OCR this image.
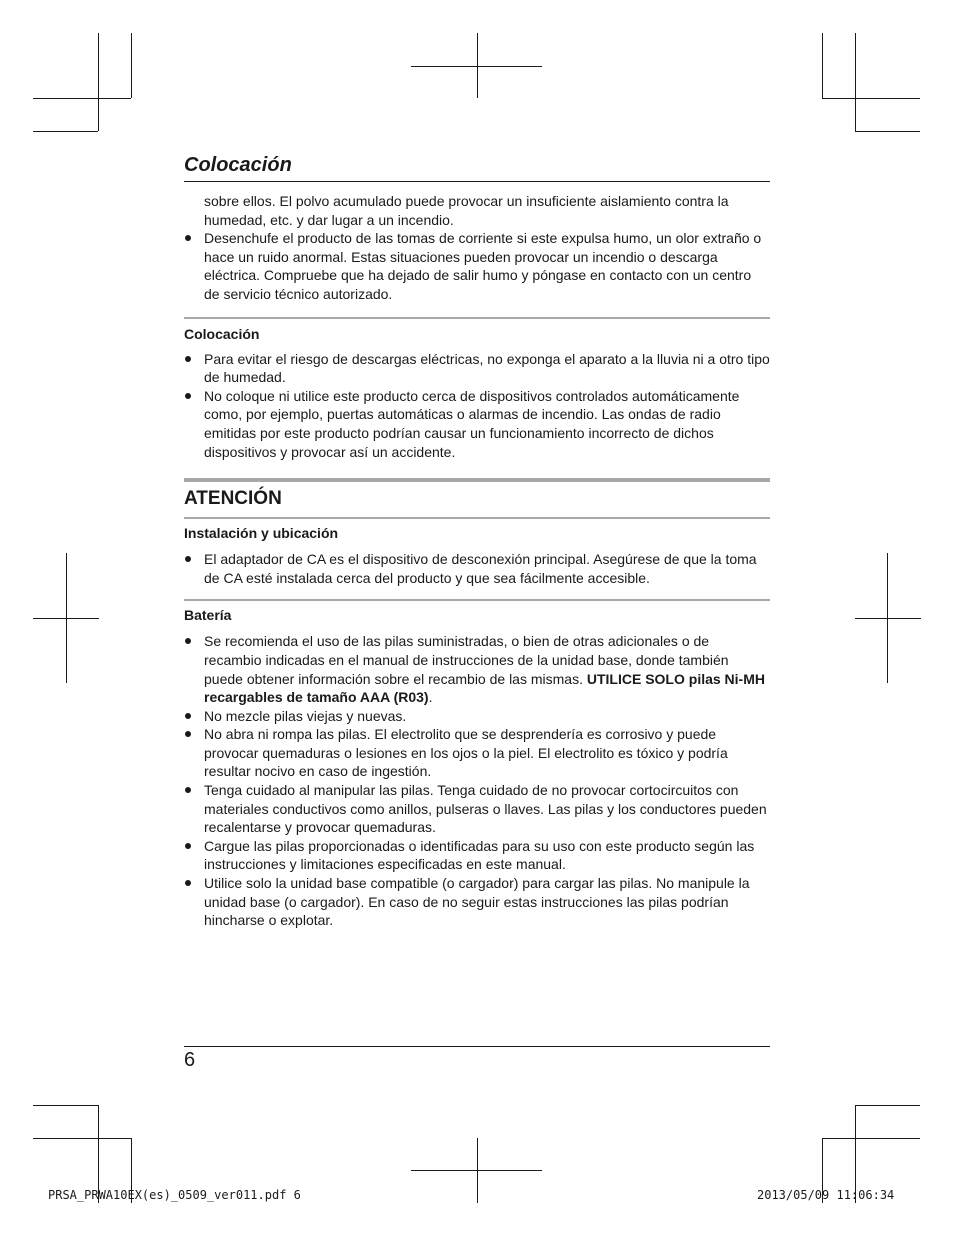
Colocación
sobre ellos. El polvo acumulado puede provocar un insuficiente aislamiento contra la humedad, etc. y dar lugar a un incendio.
Desenchufe el producto de las tomas de corriente si este expulsa humo, un olor extraño o hace un ruido anormal. Estas situaciones pueden provocar un incendio o descarga eléctrica. Compruebe que ha dejado de salir humo y póngase en contacto con un centro de servicio técnico autorizado.
Colocación
Para evitar el riesgo de descargas eléctricas, no exponga el aparato a la lluvia ni a otro tipo de humedad.
No coloque ni utilice este producto cerca de dispositivos controlados automáticamente como, por ejemplo, puertas automáticas o alarmas de incendio. Las ondas de radio emitidas por este producto podrían causar un funcionamiento incorrecto de dichos dispositivos y provocar así un accidente.
ATENCIÓN
Instalación y ubicación
El adaptador de CA es el dispositivo de desconexión principal. Asegúrese de que la toma de CA esté instalada cerca del producto y que sea fácilmente accesible.
Batería
Se recomienda el uso de las pilas suministradas, o bien de otras adicionales o de recambio indicadas en el manual de instrucciones de la unidad base, donde también puede obtener información sobre el recambio de las mismas. UTILICE SOLO pilas Ni-MH recargables de tamaño AAA (R03).
No mezcle pilas viejas y nuevas.
No abra ni rompa las pilas. El electrolito que se desprendería es corrosivo y puede provocar quemaduras o lesiones en los ojos o la piel. El electrolito es tóxico y podría resultar nocivo en caso de ingestión.
Tenga cuidado al manipular las pilas. Tenga cuidado de no provocar cortocircuitos con materiales conductivos como anillos, pulseras o llaves. Las pilas y los conductores pueden recalentarse y provocar quemaduras.
Cargue las pilas proporcionadas o identificadas para su uso con este producto según las instrucciones y limitaciones especificadas en este manual.
Utilice solo la unidad base compatible (o cargador) para cargar las pilas. No manipule la unidad base (o cargador). En caso de no seguir estas instrucciones las pilas podrían hincharse o explotar.
6
PRSA_PRWA10EX(es)_0509_ver011.pdf 6	2013/05/09 11:06:34
